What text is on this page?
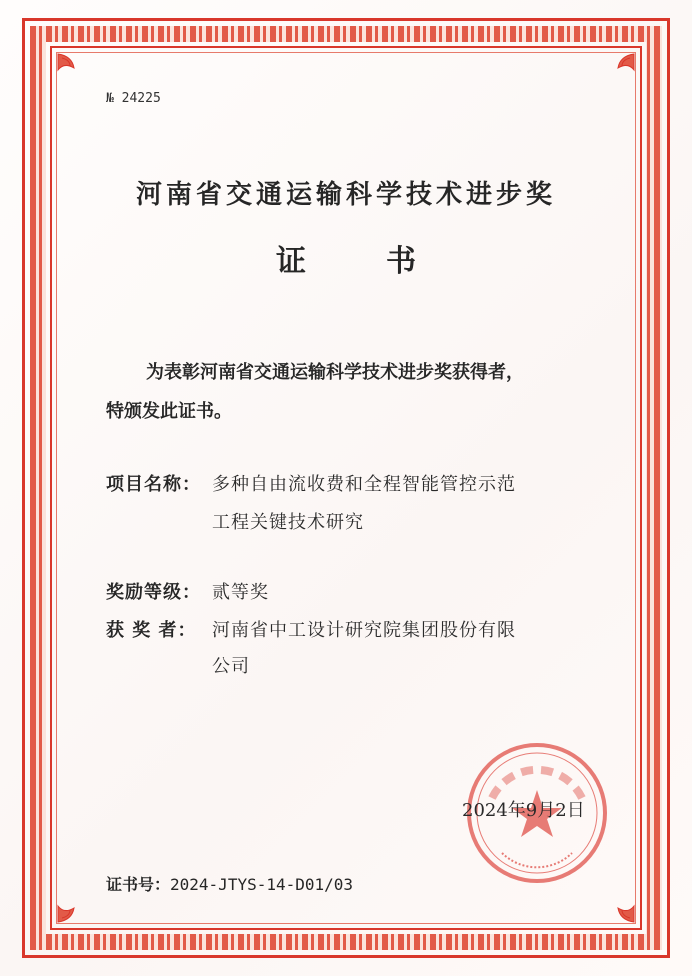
№ 24225
河南省交通运输科学技术进步奖
证	书
为表彰河南省交通运输科学技术进步奖获得者，
特颁发此证书。
项目名称： 多种自由流收费和全程智能管控示范
工程关键技术研究
奖励等级： 贰等奖
获 奖 者： 河南省中工设计研究院集团股份有限
公司
2024年9月2日
证书号：2024-JTYS-14-D01/03
